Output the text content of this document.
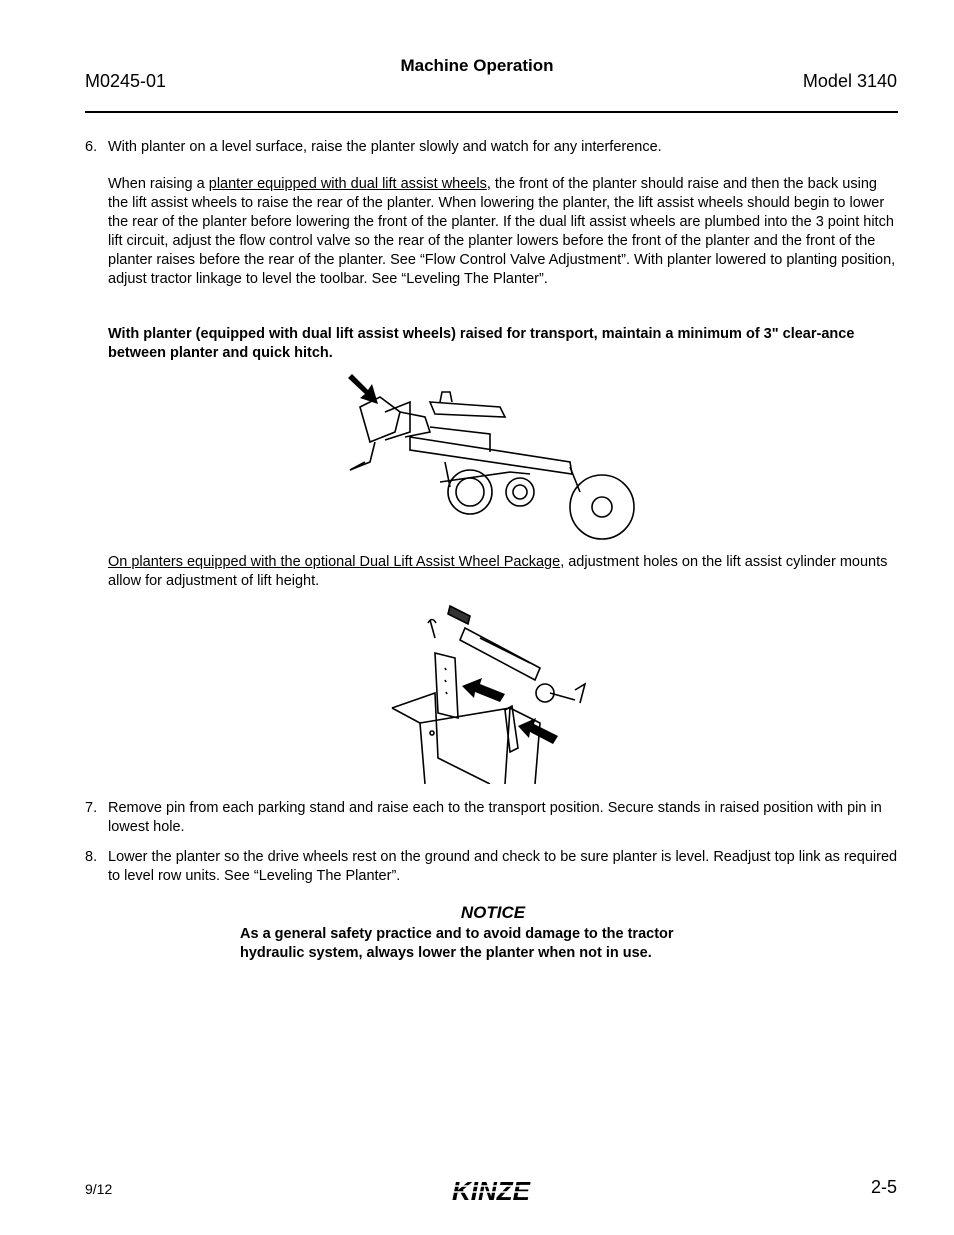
M0245-01
Machine Operation
Model 3140
6. With planter on a level surface, raise the planter slowly and watch for any interference.
When raising a planter equipped with dual lift assist wheels, the front of the planter should raise and then the back using the lift assist wheels to raise the rear of the planter. When lowering the planter, the lift assist wheels should begin to lower the rear of the planter before lowering the front of the planter. If the dual lift assist wheels are plumbed into the 3 point hitch lift circuit, adjust the flow control valve so the rear of the planter lowers before the front of the planter and the front of the planter raises before the rear of the planter. See “Flow Control Valve Adjustment”. With planter lowered to planting position, adjust tractor linkage to level the toolbar. See “Leveling The Planter”.
With planter (equipped with dual lift assist wheels) raised for transport, maintain a minimum of 3" clear-ance between planter and quick hitch.
On planters equipped with the optional Dual Lift Assist Wheel Package, adjustment holes on the lift assist cylinder mounts allow for adjustment of lift height.
7. Remove pin from each parking stand and raise each to the transport position. Secure stands in raised position with pin in lowest hole.
8. Lower the planter so the drive wheels rest on the ground and check to be sure planter is level. Readjust top link as required to level row units. See “Leveling The Planter”.
NOTICE
As a general safety practice and to avoid damage to the tractor hydraulic system, always lower the planter when not in use.
9/12	KINZE	2-5
